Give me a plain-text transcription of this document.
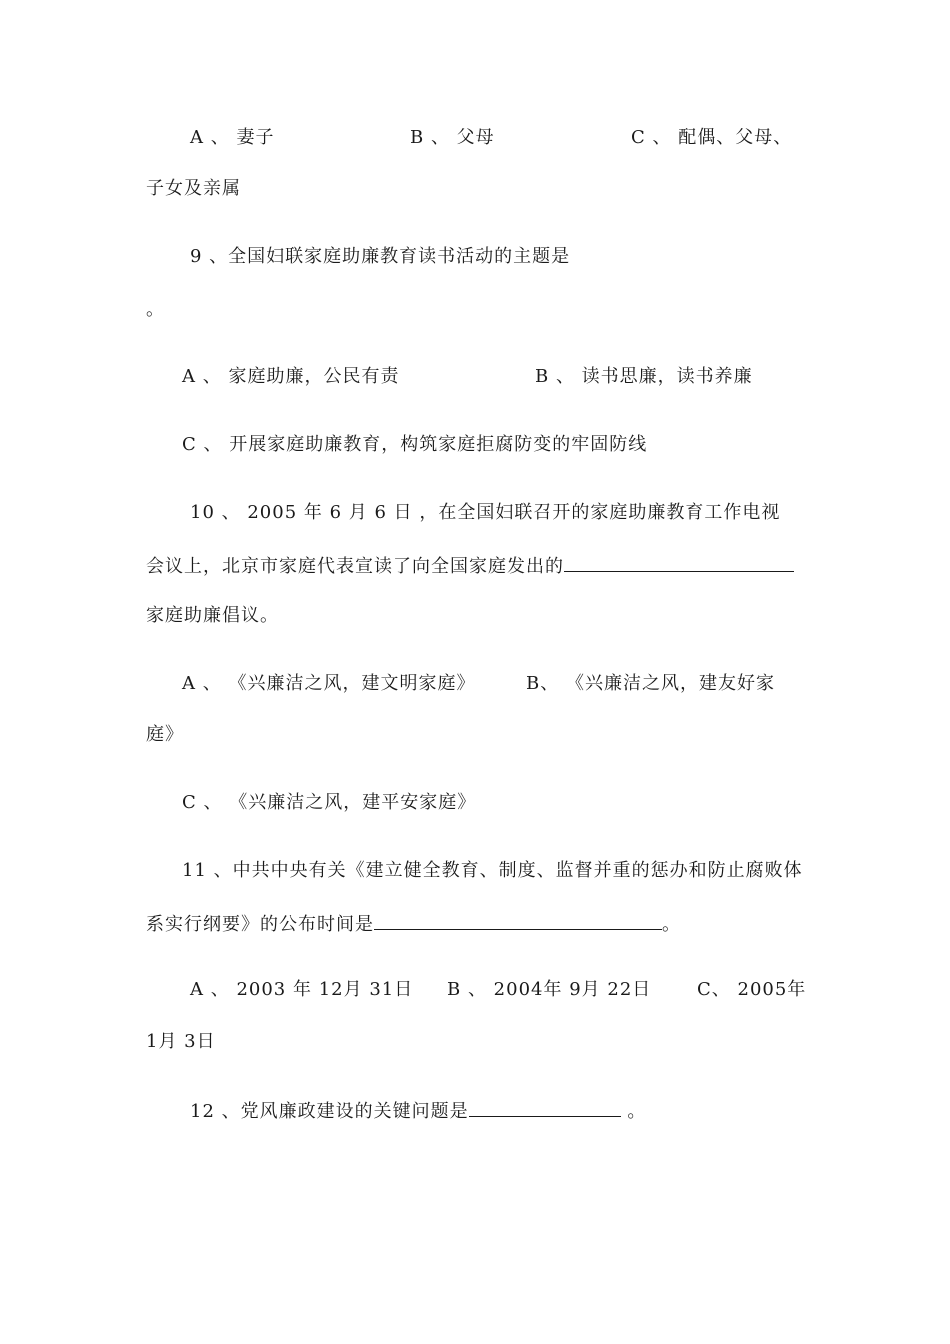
A 、 妻子	B 、 父母	C 、 配偶、父母、
子女及亲属
9 、全国妇联家庭助廉教育读书活动的主题是
。
A 、 家庭助廉，公民有责	B 、 读书思廉，读书养廉
C 、 开展家庭助廉教育，构筑家庭拒腐防变的牢固防线
10 、 2005 年 6 月 6 日 ，在全国妇联召开的家庭助廉教育工作电视
会议上，北京市家庭代表宣读了向全国家庭发出的
家庭助廉倡议。
A 、 《兴廉洁之风，建文明家庭》	B、 《兴廉洁之风，建友好家
庭》
C 、 《兴廉洁之风，建平安家庭》
11 、中共中央有关《建立健全教育、制度、监督并重的惩办和防止腐败体
系实行纲要》的公布时间是	。
A 、 2003 年 12月 31日 B 、 2004年 9月 22日	C、 2005年
1月 3日
12 、党风廉政建设的关键问题是	。
